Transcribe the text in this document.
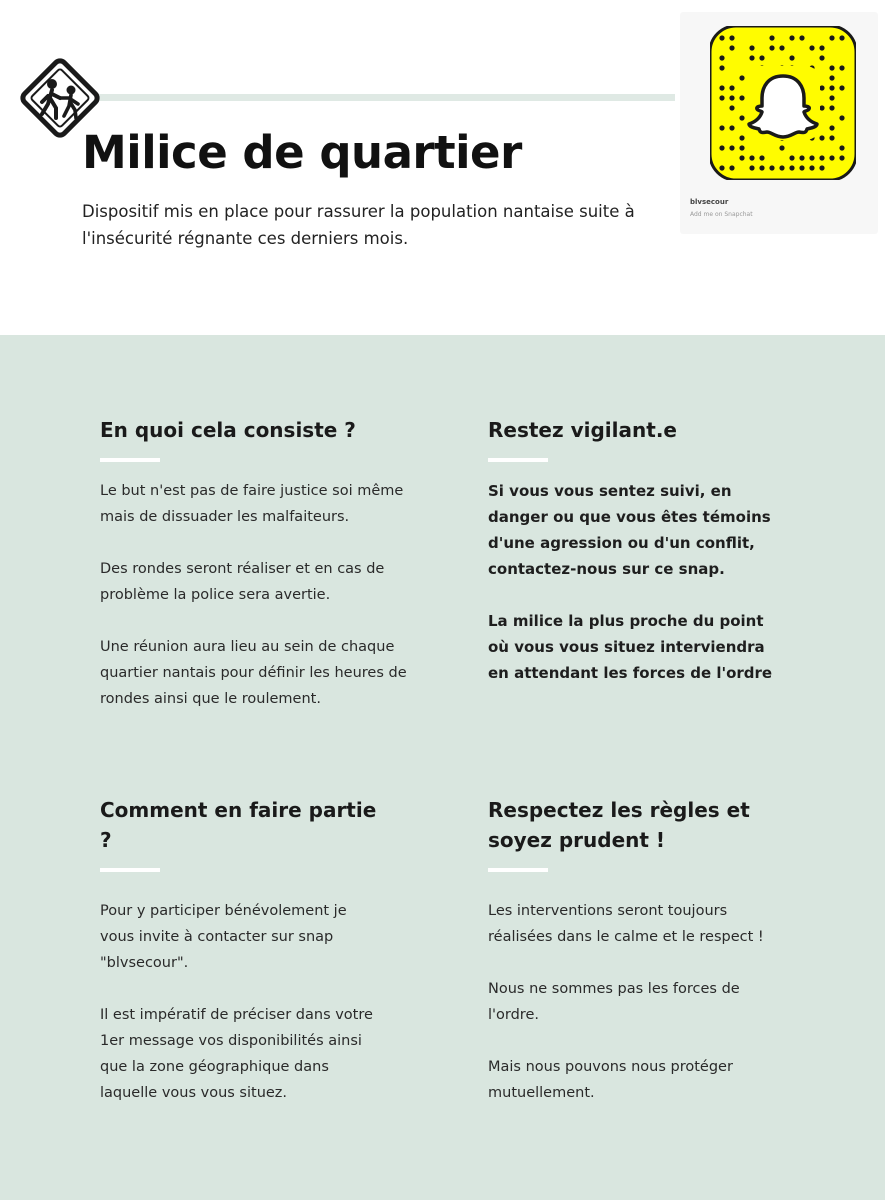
Milice de quartier

Dispositif mis en place pour rassurer la population nantaise suite à l'insécurité régnante ces derniers mois.

blvsecour
Add me on Snapchat
En quoi cela consiste ?

Le but n'est pas de faire justice soi même mais de dissuader les malfaiteurs.

Des rondes seront réaliser et en cas de problème la police sera avertie.

Une réunion aura lieu au sein de chaque quartier nantais pour définir les heures de rondes ainsi que le roulement.

Restez vigilant.e

Si vous vous sentez suivi, en danger ou que vous êtes témoins d'une agression ou d'un conflit, contactez-nous sur ce snap.

La milice la plus proche du point où vous vous situez interviendra en attendant les forces de l'ordre

Comment en faire partie ?

Pour y participer bénévolement je vous invite à contacter sur snap "blvsecour".

Il est impératif de préciser dans votre 1er message vos disponibilités ainsi que la zone géographique dans laquelle vous vous situez.

Respectez les règles et soyez prudent !

Les interventions seront toujours réalisées dans le calme et le respect !

Nous ne sommes pas les forces de l'ordre.

Mais nous pouvons nous protéger mutuellement.
